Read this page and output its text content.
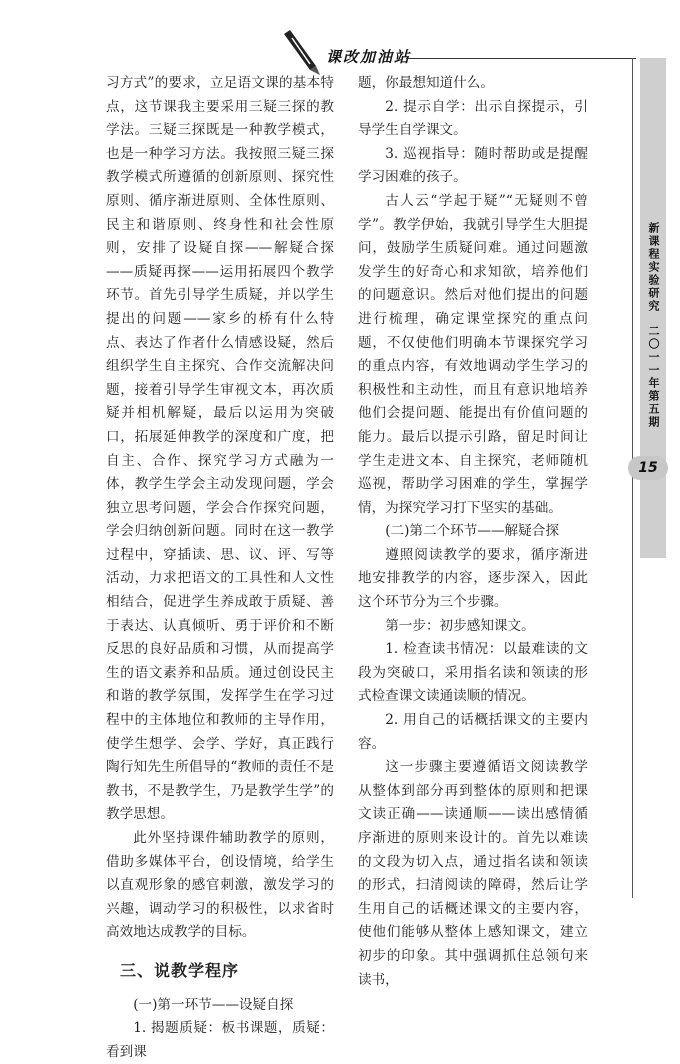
课改加油站
新课程实验研究
二〇一一年第五期
15

习方式”的要求，立足语文课的基本特点，这节课我主要采用三疑三探的教学法。三疑三探既是一种教学模式，也是一种学习方法。我按照三疑三探教学模式所遵循的创新原则、探究性原则、循序渐进原则、全体性原则、民主和谐原则、终身性和社会性原则，安排了设疑自探——解疑合探——质疑再探——运用拓展四个教学环节。首先引导学生质疑，并以学生提出的问题——家乡的桥有什么特点、表达了作者什么情感设疑，然后组织学生自主探究、合作交流解决问题，接着引导学生审视文本，再次质疑并相机解疑，最后以运用为突破口，拓展延伸教学的深度和广度，把自主、合作、探究学习方式融为一体，教学生学会主动发现问题，学会独立思考问题，学会合作探究问题，学会归纳创新问题。同时在这一教学过程中，穿插读、思、议、评、写等活动，力求把语文的工具性和人文性相结合，促进学生养成敢于质疑、善于表达、认真倾听、勇于评价和不断反思的良好品质和习惯，从而提高学生的语文素养和品质。通过创设民主和谐的教学氛围，发挥学生在学习过程中的主体地位和教师的主导作用，使学生想学、会学、学好，真正践行陶行知先生所倡导的“教师的责任不是教书，不是教学生，乃是教学生学”的教学思想。

此外坚持课件辅助教学的原则，借助多媒体平台，创设情境，给学生以直观形象的感官刺激，激发学习的兴趣，调动学习的积极性，以求省时高效地达成教学的目标。

三、说教学程序

(一)第一环节——设疑自探

1. 揭题质疑：板书课题，质疑：看到课

题，你最想知道什么。

2. 提示自学：出示自探提示，引导学生自学课文。

3. 巡视指导：随时帮助或是提醒学习困难的孩子。

古人云“学起于疑”“无疑则不曾学”。教学伊始，我就引导学生大胆提问，鼓励学生质疑问难。通过问题激发学生的好奇心和求知欲，培养他们的问题意识。然后对他们提出的问题进行梳理，确定课堂探究的重点问题，不仅使他们明确本节课探究学习的重点内容，有效地调动学生学习的积极性和主动性，而且有意识地培养他们会提问题、能提出有价值问题的能力。最后以提示引路，留足时间让学生走进文本、自主探究，老师随机巡视，帮助学习困难的学生，掌握学情，为探究学习打下坚实的基础。

(二)第二个环节——解疑合探

遵照阅读教学的要求，循序渐进地安排教学的内容，逐步深入，因此这个环节分为三个步骤。

第一步：初步感知课文。

1. 检查读书情况：以最难读的文段为突破口，采用指名读和领读的形式检查课文读通读顺的情况。

2. 用自己的话概括课文的主要内容。

这一步骤主要遵循语文阅读教学从整体到部分再到整体的原则和把课文读正确——读通顺——读出感情循序渐进的原则来设计的。首先以难读的文段为切入点，通过指名读和领读的形式，扫清阅读的障碍，然后让学生用自己的话概述课文的主要内容，使他们能够从整体上感知课文，建立初步的印象。其中强调抓住总领句来读书，
